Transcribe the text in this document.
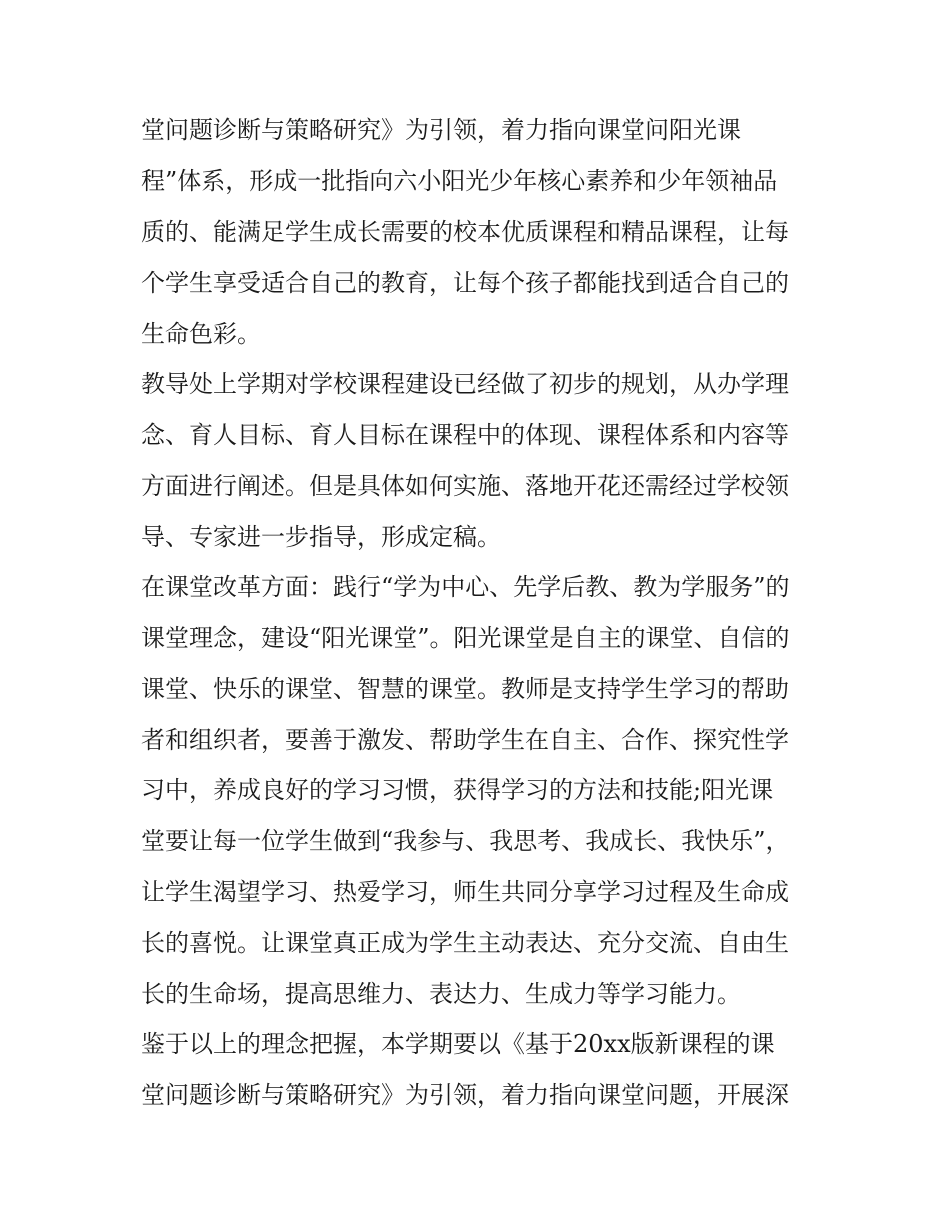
堂问题诊断与策略研究》为引领，着力指向课堂问阳光课
程”体系，形成一批指向六小阳光少年核心素养和少年领袖品
质的、能满足学生成长需要的校本优质课程和精品课程，让每
个学生享受适合自己的教育，让每个孩子都能找到适合自己的
生命色彩。
教导处上学期对学校课程建设已经做了初步的规划，从办学理
念、育人目标、育人目标在课程中的体现、课程体系和内容等
方面进行阐述。但是具体如何实施、落地开花还需经过学校领
导、专家进一步指导，形成定稿。
在课堂改革方面：践行“学为中心、先学后教、教为学服务”的
课堂理念，建设“阳光课堂”。阳光课堂是自主的课堂、自信的
课堂、快乐的课堂、智慧的课堂。教师是支持学生学习的帮助
者和组织者，要善于激发、帮助学生在自主、合作、探究性学
习中，养成良好的学习习惯，获得学习的方法和技能;阳光课
堂要让每一位学生做到“我参与、我思考、我成长、我快乐”，
让学生渴望学习、热爱学习，师生共同分享学习过程及生命成
长的喜悦。让课堂真正成为学生主动表达、充分交流、自由生
长的生命场，提高思维力、表达力、生成力等学习能力。
鉴于以上的理念把握，本学期要以《基于20xx版新课程的课
堂问题诊断与策略研究》为引领，着力指向课堂问题，开展深
